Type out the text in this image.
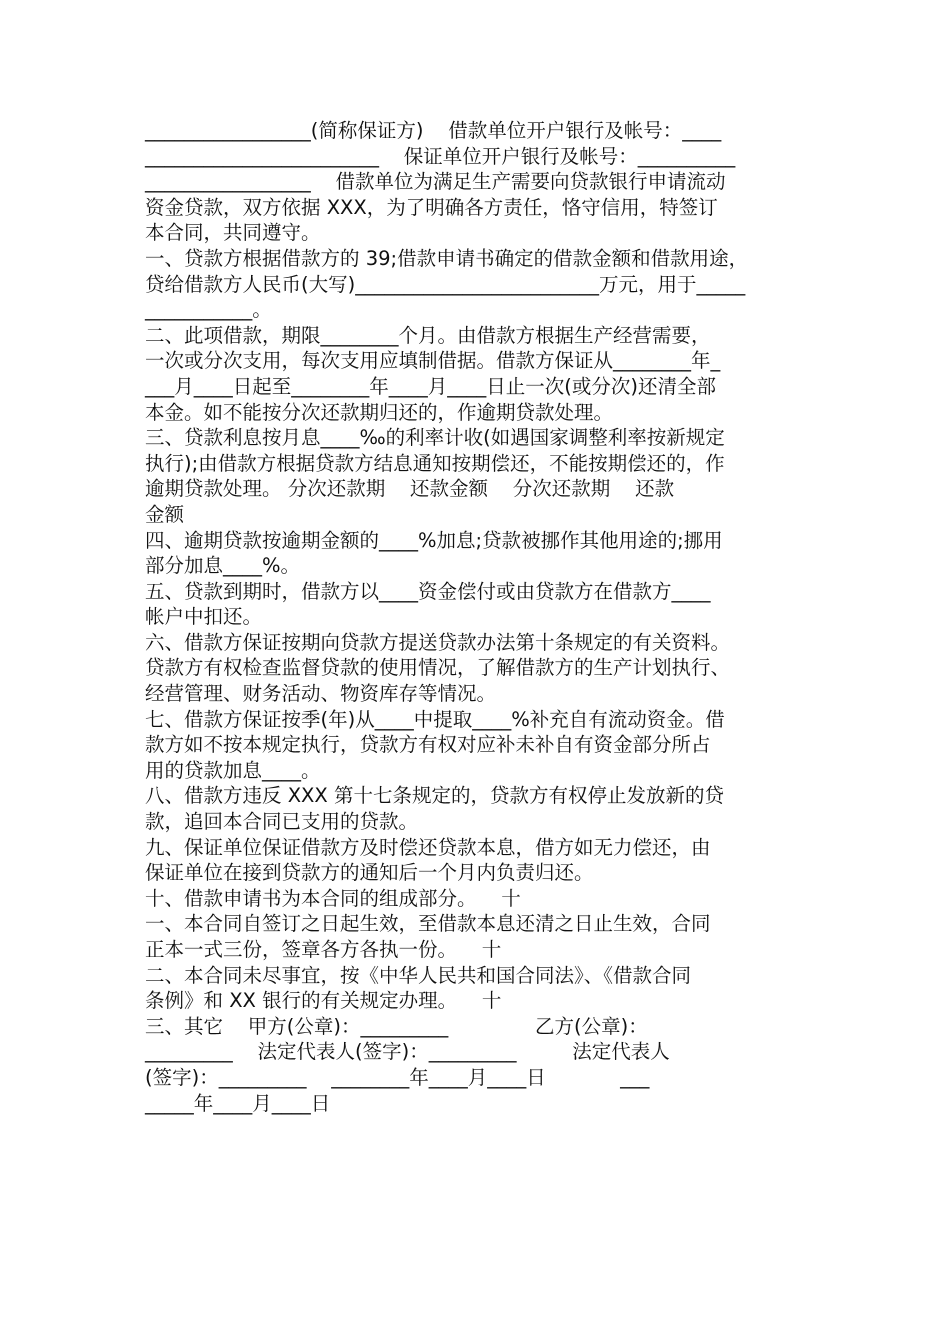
_________________(简称保证方)    借款单位开户银行及帐号：____
________________________    保证单位开户银行及帐号：__________
_________________    借款单位为满足生产需要向贷款银行申请流动
资金贷款，双方依据 XXX，为了明确各方责任，恪守信用，特签订
本合同，共同遵守。
一、贷款方根据借款方的 39;借款申请书确定的借款金额和借款用途，
贷给借款方人民币(大写)_________________________万元，用于_____
___________。
二、此项借款，期限________个月。由借款方根据生产经营需要，
一次或分次支用，每次支用应填制借据。借款方保证从________年_
___月____日起至________年____月____日止一次(或分次)还清全部
本金。如不能按分次还款期归还的，作逾期贷款处理。
三、贷款利息按月息____‰的利率计收(如遇国家调整利率按新规定
执行);由借款方根据贷款方结息通知按期偿还，不能按期偿还的，作
逾期贷款处理。 分次还款期    还款金额    分次还款期    还款
金额
四、逾期贷款按逾期金额的____%加息;贷款被挪作其他用途的;挪用
部分加息____%。
五、贷款到期时，借款方以____资金偿付或由贷款方在借款方____
帐户中扣还。
六、借款方保证按期向贷款方提送贷款办法第十条规定的有关资料。
贷款方有权检查监督贷款的使用情况，了解借款方的生产计划执行、
经营管理、财务活动、物资库存等情况。
七、借款方保证按季(年)从____中提取____%补充自有流动资金。借
款方如不按本规定执行，贷款方有权对应补未补自有资金部分所占
用的贷款加息____。
八、借款方违反 XXX 第十七条规定的，贷款方有权停止发放新的贷
款，追回本合同已支用的贷款。
九、保证单位保证借款方及时偿还贷款本息，借方如无力偿还，由
保证单位在接到贷款方的通知后一个月内负责归还。
十、借款申请书为本合同的组成部分。    十
一、本合同自签订之日起生效，至借款本息还清之日止生效，合同
正本一式三份，签章各方各执一份。    十
二、本合同未尽事宜，按《中华人民共和国合同法》、《借款合同
条例》和 XX 银行的有关规定办理。    十
三、其它    甲方(公章)：_________              乙方(公章)：
_________    法定代表人(签字)：_________         法定代表人
(签字)：_________    ________年____月____日            ___
_____年____月____日
